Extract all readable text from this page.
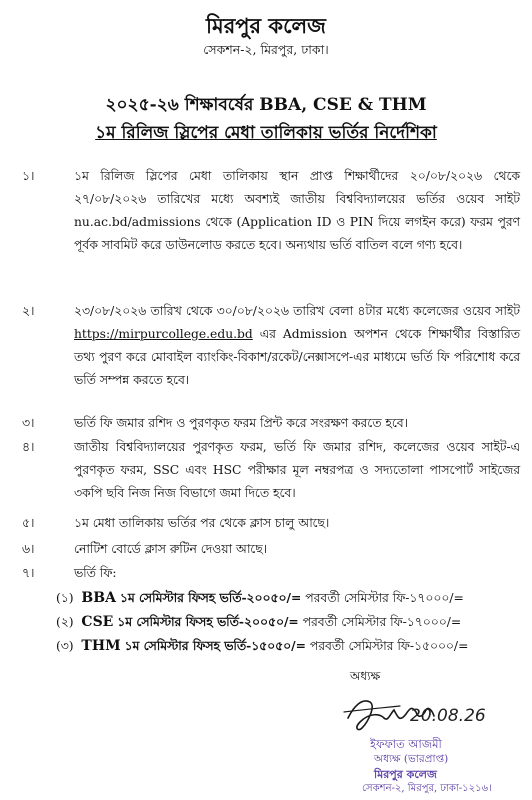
মিরপুর কলেজ
সেকশন-২, মিরপুর, ঢাকা।
২০২৫-২৬ শিক্ষাবর্ষের BBA, CSE & THM
১ম রিলিজ স্লিপের মেধা তালিকায় ভর্তির নির্দেশিকা
১।	১ম রিলিজ স্লিপের মেধা তালিকায় স্থান প্রাপ্ত শিক্ষার্থীদের ২০/০৮/২০২৬ থেকে ২৭/০৮/২০২৬ তারিখের মধ্যে অবশ্যই জাতীয় বিশ্ববিদ্যালয়ের ভর্তির ওয়েব সাইট nu.ac.bd/admissions থেকে (Application ID ও PIN দিয়ে লগইন করে) ফরম পুরণ পূর্বক সাবমিট করে ডাউনলোড করতে হবে। অন্যথায় ভর্তি বাতিল বলে গণ্য হবে।
২।	২৩/০৮/২০২৬ তারিখ থেকে ৩০/০৮/২০২৬ তারিখ বেলা ৪টার মধ্যে কলেজের ওয়েব সাইট https://mirpurcollege.edu.bd এর Admission অপশন থেকে শিক্ষার্থীর বিস্তারিত তথ্য পুরণ করে মোবাইল ব্যাংকিং-বিকাশ/রকেট/নেক্সাসপে-এর মাধ্যমে ভর্তি ফি পরিশোধ করে ভর্তি সম্পন্ন করতে হবে।
৩।	ভর্তি ফি জমার রশিদ ও পুরণকৃত ফরম প্রিন্ট করে সংরক্ষণ করতে হবে।
৪।	জাতীয় বিশ্ববিদ্যালয়ের পুরণকৃত ফরম, ভর্তি ফি জমার রশিদ, কলেজের ওয়েব সাইট-এ পুরণকৃত ফরম, SSC এবং HSC পরীক্ষার মূল নম্বরপত্র ও সদ্যতোলা পাসপোর্ট সাইজের ৩কপি ছবি নিজ নিজ বিভাগে জমা দিতে হবে।
৫।	১ম মেধা তালিকায় ভর্তির পর থেকে ক্লাস চালু আছে।
৬।	নোটিশ বোর্ডে ক্লাস রুটিন দেওয়া আছে।
৭।	ভর্তি ফি:
(১) BBA ১ম সেমিস্টার ফিসহ ভর্তি-২০০৫০/= পরবর্তী সেমিস্টার ফি-১৭০০০/=
(২) CSE ১ম সেমিস্টার ফিসহ ভর্তি-২০০৫০/= পরবর্তী সেমিস্টার ফি-১৭০০০/=
(৩) THM ১ম সেমিস্টার ফিসহ ভর্তি-১৫০৫০/= পরবর্তী সেমিস্টার ফি-১৫০০০/=
অধ্যক্ষ
20.08.26
ইফফাত আজমী
অধ্যক্ষ (ভারপ্রাপ্ত)
মিরপুর কলেজ
সেকশন-২, মিরপুর, ঢাকা-১২১৬।
